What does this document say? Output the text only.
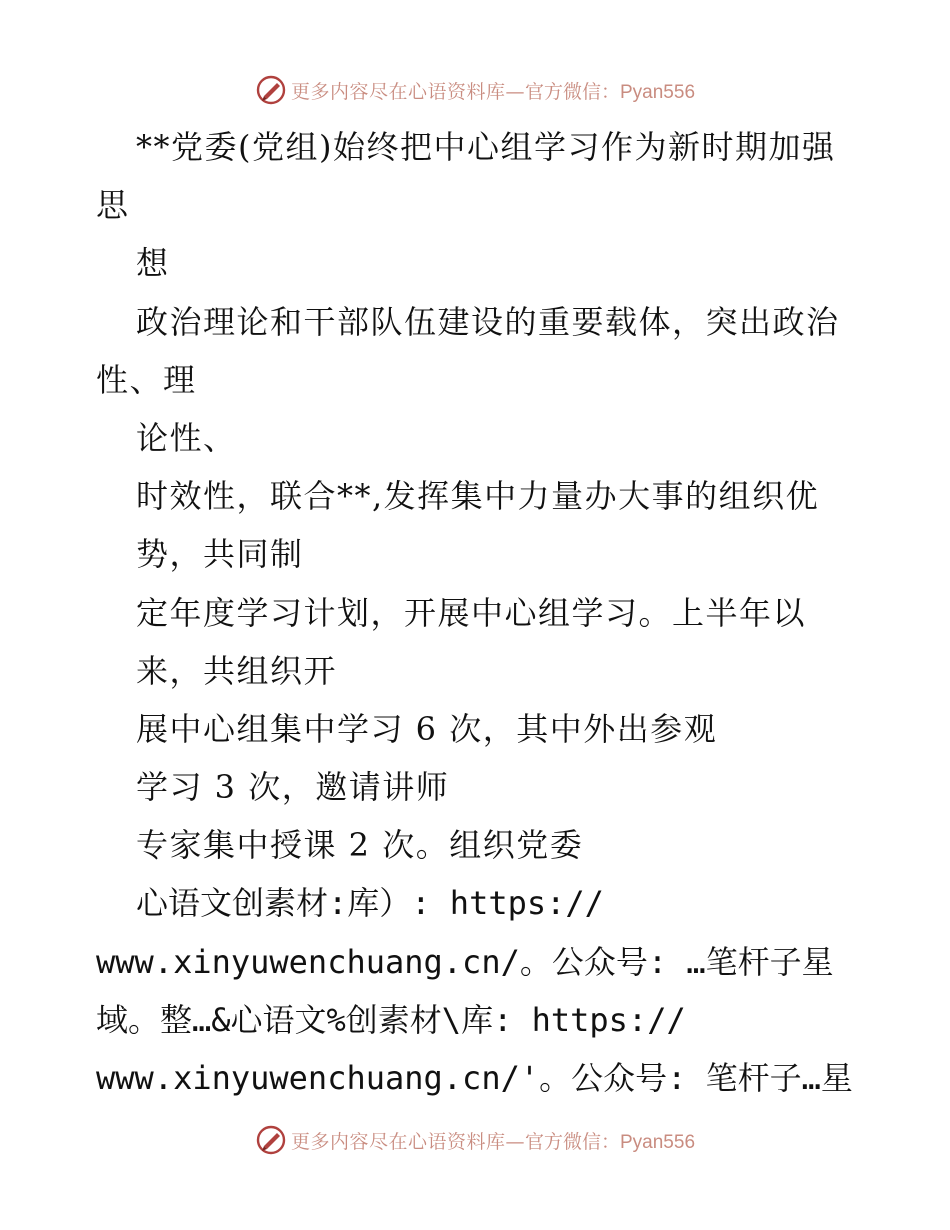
更多内容尽在心语资料库— 官方微信：Pyan556
**党委(党组)始终把中心组学习作为新时期加强
思
想
政治理论和干部队伍建设的重要载体，突出政治
性、理
论性、
时效性，联合**,发挥集中力量办大事的组织优
势，共同制
定年度学习计划，开展中心组学习。上半年以
来，共组织开
展中心组集中学习 6 次，其中外出参观
学习 3 次，邀请讲师
专家集中授课 2 次。组织党委
心语文创素材:库）: https://
www.xinyuwenchuang.cn/。公众号: …笔杆子星
域。整…&心语文%创素材\库: https://
www.xinyuwenchuang.cn/'。公众号: 笔杆子…星
更多内容尽在心语资料库— 官方微信：Pyan556
